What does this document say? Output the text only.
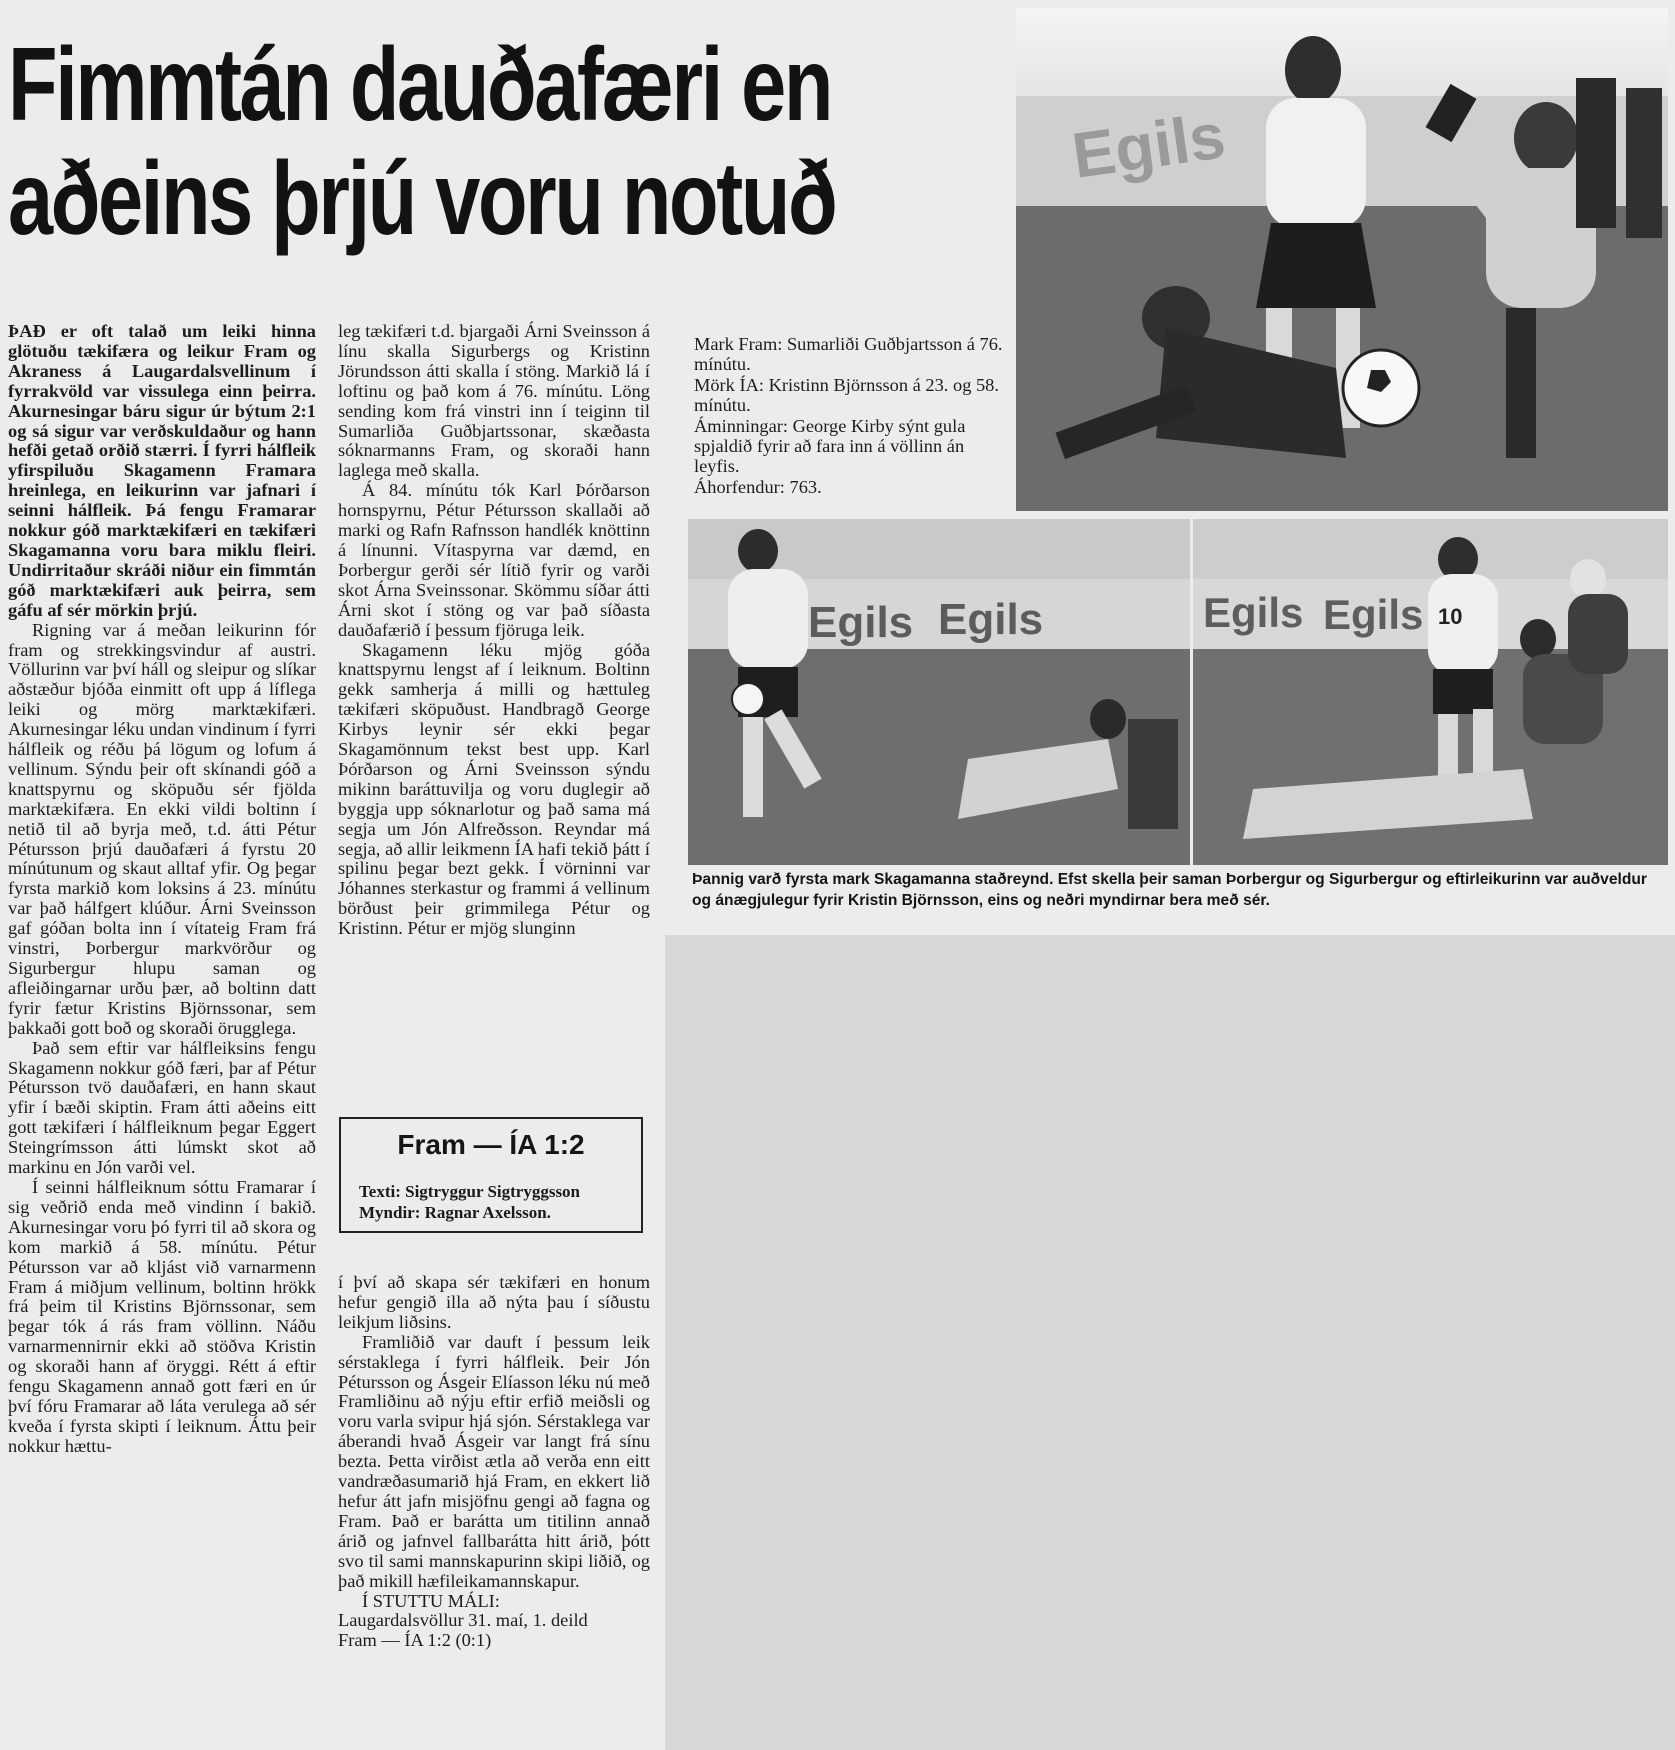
Fimmtán dauðafæri en
aðeins þrjú voru notuð

ÞAÐ er oft talað um leiki hinna glötuðu tækifæra og leikur Fram og Akraness á Laugardalsvellinum í fyrrakvöld var vissulega einn þeirra. Akurnesingar báru sigur úr býtum 2:1 og sá sigur var verðskuldaður og hann hefði getað orðið stærri. Í fyrri hálfleik yfirspiluðu Skagamenn Framara hreinlega, en leikurinn var jafnari í seinni hálfleik. Þá fengu Framarar nokkur góð marktækifæri en tækifæri Skagamanna voru bara miklu fleiri. Undirritaður skráði niður ein fimmtán góð marktækifæri auk þeirra, sem gáfu af sér mörkin þrjú.

Rigning var á meðan leikurinn fór fram og strekkingsvindur af austri. Völlurinn var því háll og sleipur og slíkar aðstæður bjóða einmitt oft upp á líflega leiki og mörg marktækifæri. Akurnesingar léku undan vindinum í fyrri hálfleik og réðu þá lögum og lofum á vellinum. Sýndu þeir oft skínandi góð a knattspyrnu og sköpuðu sér fjölda marktækifæra. En ekki vildi boltinn í netið til að byrja með, t.d. átti Pétur Pétursson þrjú dauðafæri á fyrstu 20 mínútunum og skaut alltaf yfir. Og þegar fyrsta markið kom loksins á 23. mínútu var það hálfgert klúður. Árni Sveinsson gaf góðan bolta inn í vítateig Fram frá vinstri, Þorbergur markvörður og Sigurbergur hlupu saman og afleiðingarnar urðu þær, að boltinn datt fyrir fætur Kristins Björnssonar, sem þakkaði gott boð og skoraði örugglega.

Það sem eftir var hálfleiksins fengu Skagamenn nokkur góð færi, þar af Pétur Pétursson tvö dauðafæri, en hann skaut yfir í bæði skiptin. Fram átti aðeins eitt gott tækifæri í hálfleiknum þegar Eggert Steingrímsson átti lúmskt skot að markinu en Jón varði vel.

Í seinni hálfleiknum sóttu Framarar í sig veðrið enda með vindinn í bakið. Akurnesingar voru þó fyrri til að skora og kom markið á 58. mínútu. Pétur Pétursson var að kljást við varnarmenn Fram á miðjum vellinum, boltinn hrökk frá þeim til Kristins Björnssonar, sem þegar tók á rás fram völlinn. Náðu varnarmennirnir ekki að stöðva Kristin og skoraði hann af öryggi. Rétt á eftir fengu Skagamenn annað gott færi en úr því fóru Framarar að láta verulega að sér kveða í fyrsta skipti í leiknum. Áttu þeir nokkur hættu-

leg tækifæri t.d. bjargaði Árni Sveinsson á línu skalla Sigurbergs og Kristinn Jörundsson átti skalla í stöng. Markið lá í loftinu og það kom á 76. mínútu. Löng sending kom frá vinstri inn í teiginn til Sumarliða Guðbjartssonar, skæðasta sóknarmanns Fram, og skoraði hann laglega með skalla.

Á 84. mínútu tók Karl Þórðarson hornspyrnu, Pétur Pétursson skallaði að marki og Rafn Rafnsson handlék knöttinn á línunni. Vítaspyrna var dæmd, en Þorbergur gerði sér lítið fyrir og varði skot Árna Sveinssonar. Skömmu síðar átti Árni skot í stöng og var það síðasta dauðafærið í þessum fjöruga leik.

Skagamenn léku mjög góða knattspyrnu lengst af í leiknum. Boltinn gekk samherja á milli og hættuleg tækifæri sköpuðust. Handbragð George Kirbys leynir sér ekki þegar Skagamönnum tekst best upp. Karl Þórðarson og Árni Sveinsson sýndu mikinn baráttuvilja og voru duglegir að byggja upp sóknarlotur og það sama má segja um Jón Alfreðsson. Reyndar má segja, að allir leikmenn ÍA hafi tekið þátt í spilinu þegar bezt gekk. Í vörninni var Jóhannes sterkastur og frammi á vellinum börðust þeir grimmilega Pétur og Kristinn. Pétur er mjög slunginn

Fram — ÍA 1:2
Texti: Sigtryggur Sigtryggsson
Myndir: Ragnar Axelsson.

í því að skapa sér tækifæri en honum hefur gengið illa að nýta þau í síðustu leikjum liðsins.

Framliðið var dauft í þessum leik sérstaklega í fyrri hálfleik. Þeir Jón Pétursson og Ásgeir Elíasson léku nú með Framliðinu að nýju eftir erfið meiðsli og voru varla svipur hjá sjón. Sérstaklega var áberandi hvað Ásgeir var langt frá sínu bezta. Þetta virðist ætla að verða enn eitt vandræðasumarið hjá Fram, en ekkert lið hefur átt jafn misjöfnu gengi að fagna og Fram. Það er barátta um titilinn annað árið og jafnvel fallbarátta hitt árið, þótt svo til sami mannskapurinn skipi liðið, og það mikill hæfileikamannskapur.

Í STUTTU MÁLI:

Laugardalsvöllur 31. maí, 1. deild

Fram — ÍA 1:2 (0:1)

Mark Fram: Sumarliði Guðbjartsson á 76. mínútu.
Mörk ÍA: Kristinn Björnsson á 23. og 58. mínútu.
Áminningar: George Kirby sýnt gula spjaldið fyrir að fara inn á völlinn án leyfis.
Áhorfendur: 763.
Egils
Egils Egils	Egils Egils 10
Þannig varð fyrsta mark Skagamanna staðreynd. Efst skella þeir saman Þorbergur og Sigurbergur og eftirleikurinn var auðveldur og ánægjulegur fyrir Kristin Björnsson, eins og neðri myndirnar bera með sér.
